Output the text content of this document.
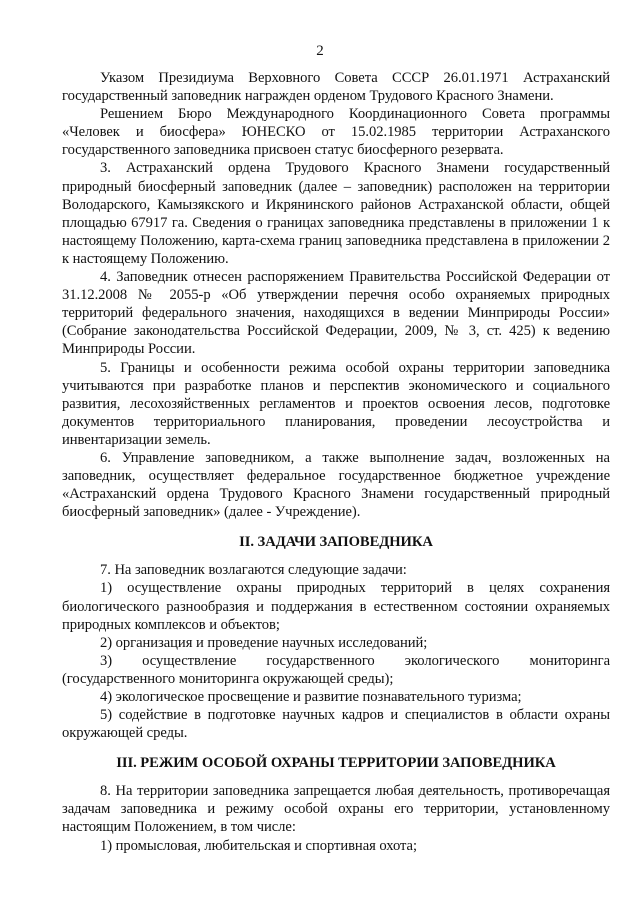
2

Указом Президиума Верховного Совета СССР 26.01.1971 Астраханский государственный заповедник награжден орденом Трудового Красного Знамени.

Решением Бюро Международного Координационного Совета программы «Человек и биосфера» ЮНЕСКО от 15.02.1985 территории Астраханского государственного заповедника присвоен статус биосферного резервата.

3. Астраханский ордена Трудового Красного Знамени государственный природный биосферный заповедник (далее – заповедник) расположен на территории Володарского, Камызякского и Икрянинского районов Астраханской области, общей площадью 67917 га. Сведения о границах заповедника представлены в приложении 1 к настоящему Положению, карта-схема границ заповедника представлена в приложении 2 к настоящему Положению.

4. Заповедник отнесен распоряжением Правительства Российской Федерации от 31.12.2008 № 2055-р «Об утверждении перечня особо охраняемых природных территорий федерального значения, находящихся в ведении Минприроды России» (Собрание законодательства Российской Федерации, 2009, № 3, ст. 425) к ведению Минприроды России.

5. Границы и особенности режима особой охраны территории заповедника учитываются при разработке планов и перспектив экономического и социального развития, лесохозяйственных регламентов и проектов освоения лесов, подготовке документов территориального планирования, проведении лесоустройства и инвентаризации земель.

6. Управление заповедником, а также выполнение задач, возложенных на заповедник, осуществляет федеральное государственное бюджетное учреждение «Астраханский ордена Трудового Красного Знамени государственный природный биосферный заповедник» (далее - Учреждение).

II. ЗАДАЧИ ЗАПОВЕДНИКА

7. На заповедник возлагаются следующие задачи:

1) осуществление охраны природных территорий в целях сохранения биологического разнообразия и поддержания в естественном состоянии охраняемых природных комплексов и объектов;

2) организация и проведение научных исследований;

3) осуществление государственного экологического мониторинга (государственного мониторинга окружающей среды);

4) экологическое просвещение и развитие познавательного туризма;

5) содействие в подготовке научных кадров и специалистов в области охраны окружающей среды.

III. РЕЖИМ ОСОБОЙ ОХРАНЫ ТЕРРИТОРИИ ЗАПОВЕДНИКА

8. На территории заповедника запрещается любая деятельность, противоречащая задачам заповедника и режиму особой охраны его территории, установленному настоящим Положением, в том числе:

1) промысловая, любительская и спортивная охота;
